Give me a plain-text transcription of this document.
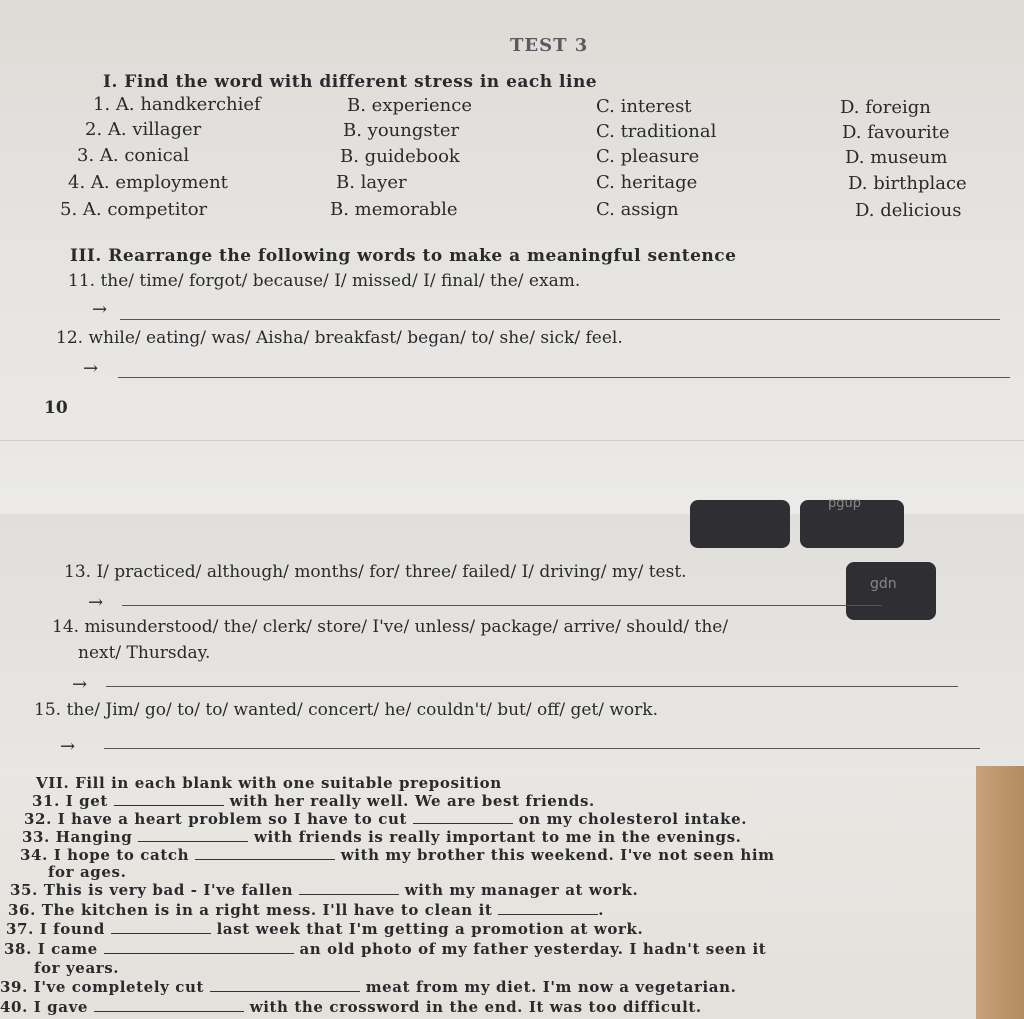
TEST 3
I. Find the word with different stress in each line
1. A. handkerchief	B. experience	C. interest	D. foreign
2. A. villager	B. youngster	C. traditional	D. favourite
3. A. conical	B. guidebook	C. pleasure	D. museum
4. A. employment	B. layer	C. heritage	D. birthplace
5. A. competitor	B. memorable	C. assign	D. delicious
III. Rearrange the following words to make a meaningful sentence
11. the/ time/ forgot/ because/ I/ missed/ I/ final/ the/ exam.
→
12. while/ eating/ was/ Aisha/ breakfast/ began/ to/ she/ sick/ feel.
→
10
pgup
gdn
13. I/ practiced/ although/ months/ for/ three/ failed/ I/ driving/ my/ test.
→
14. misunderstood/ the/ clerk/ store/ I've/ unless/ package/ arrive/ should/ the/
next/ Thursday.
→
15. the/ Jim/ go/ to/ to/ wanted/ concert/ he/ couldn't/ but/ off/ get/ work.
→
VII. Fill in each blank with one suitable preposition
31. I get	with her really well. We are best friends.
32. I have a heart problem so I have to cut	on my cholesterol intake.
33. Hanging	with friends is really important to me in the evenings.
34. I hope to catch	with my brother this weekend. I've not seen him
for ages.
35. This is very bad - I've fallen	with my manager at work.
36. The kitchen is in a right mess. I'll have to clean it	.
37. I found	last week that I'm getting a promotion at work.
38. I came	an old photo of my father yesterday. I hadn't seen it
for years.
39. I've completely cut	meat from my diet. I'm now a vegetarian.
40. I gave	with the crossword in the end. It was too difficult.
